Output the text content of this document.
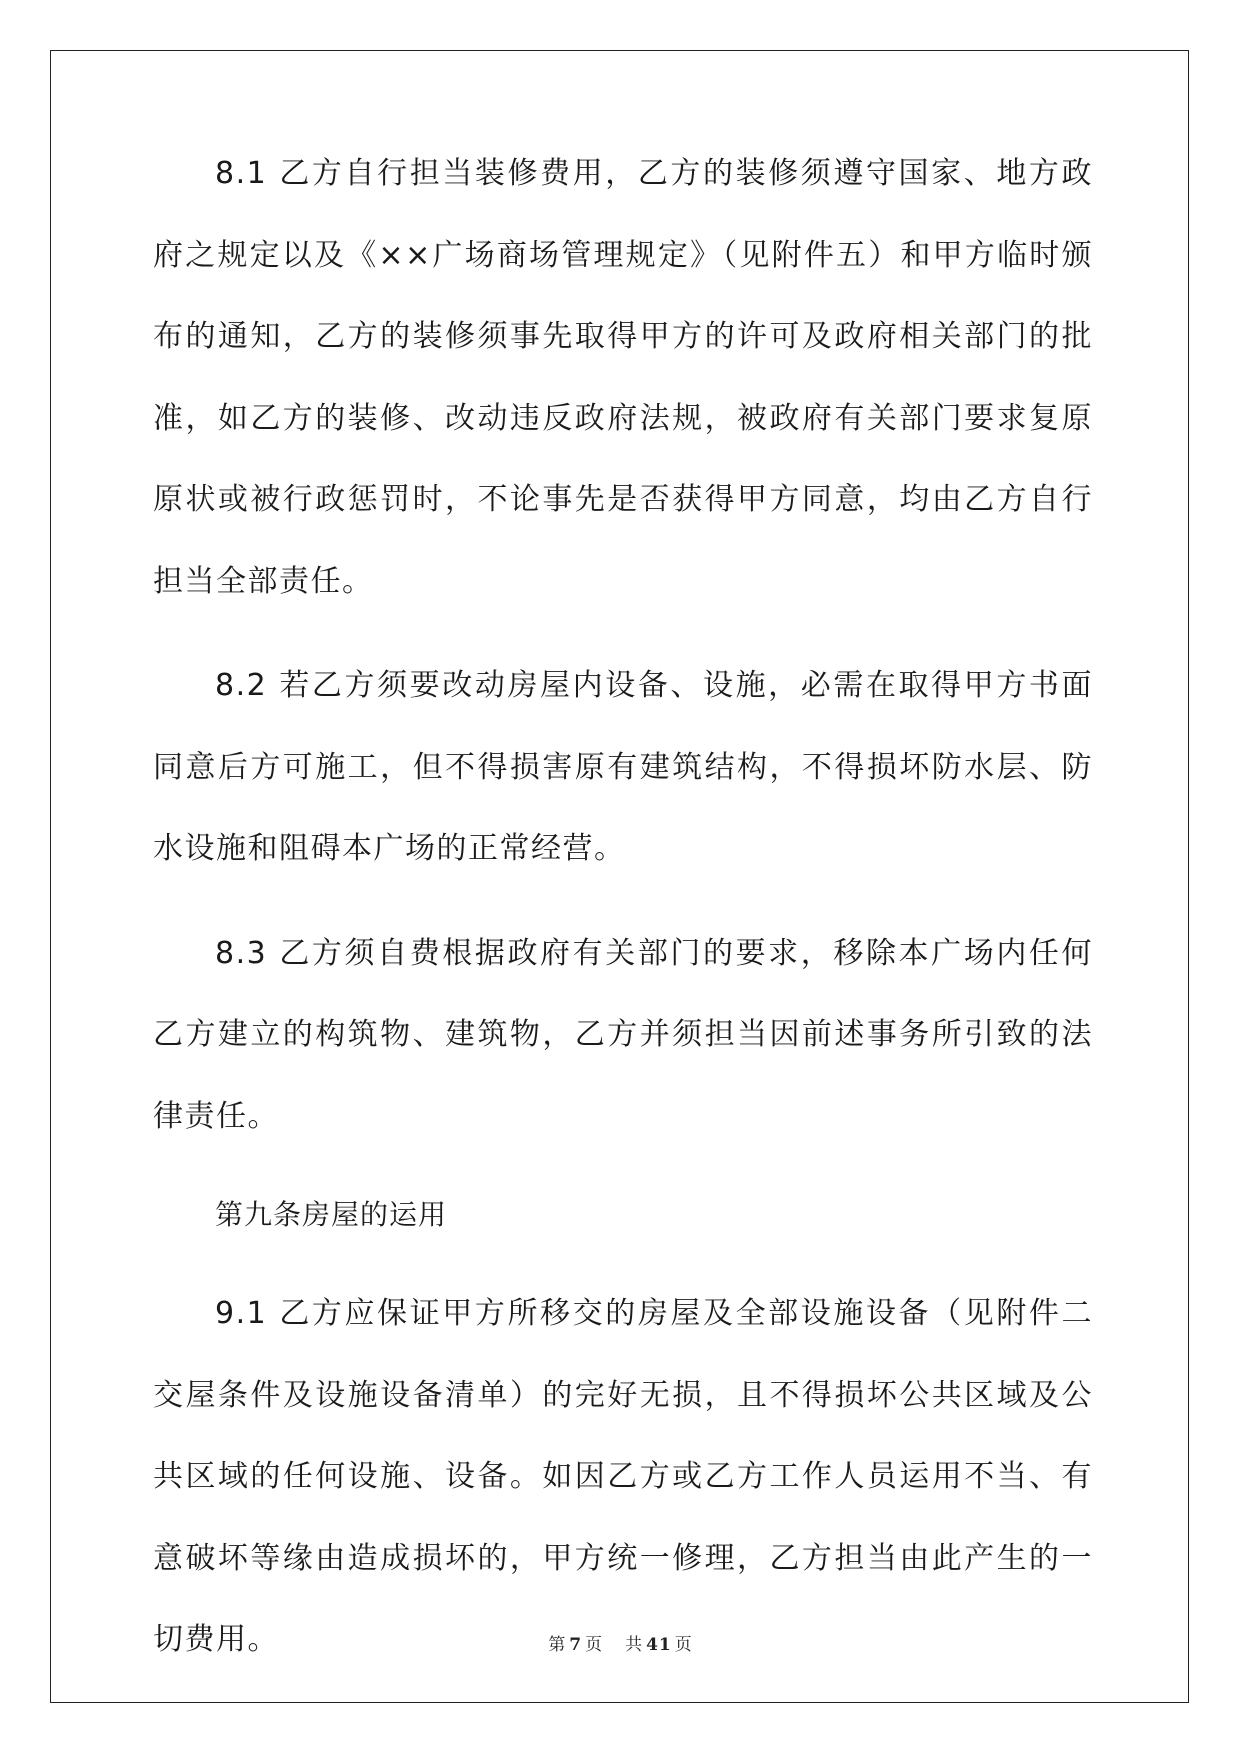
8.1 乙方自行担当装修费用，乙方的装修须遵守国家、地方政府之规定以及《××广场商场管理规定》（见附件五）和甲方临时颁布的通知，乙方的装修须事先取得甲方的许可及政府相关部门的批准，如乙方的装修、改动违反政府法规，被政府有关部门要求复原原状或被行政惩罚时，不论事先是否获得甲方同意，均由乙方自行担当全部责任。

8.2 若乙方须要改动房屋内设备、设施，必需在取得甲方书面同意后方可施工，但不得损害原有建筑结构，不得损坏防水层、防水设施和阻碍本广场的正常经营。

8.3 乙方须自费根据政府有关部门的要求，移除本广场内任何乙方建立的构筑物、建筑物，乙方并须担当因前述事务所引致的法律责任。

第九条房屋的运用

9.1 乙方应保证甲方所移交的房屋及全部设施设备（见附件二交屋条件及设施设备清单）的完好无损，且不得损坏公共区域及公共区域的任何设施、设备。如因乙方或乙方工作人员运用不当、有意破坏等缘由造成损坏的，甲方统一修理，乙方担当由此产生的一切费用。	第 7 页 共 41 页
